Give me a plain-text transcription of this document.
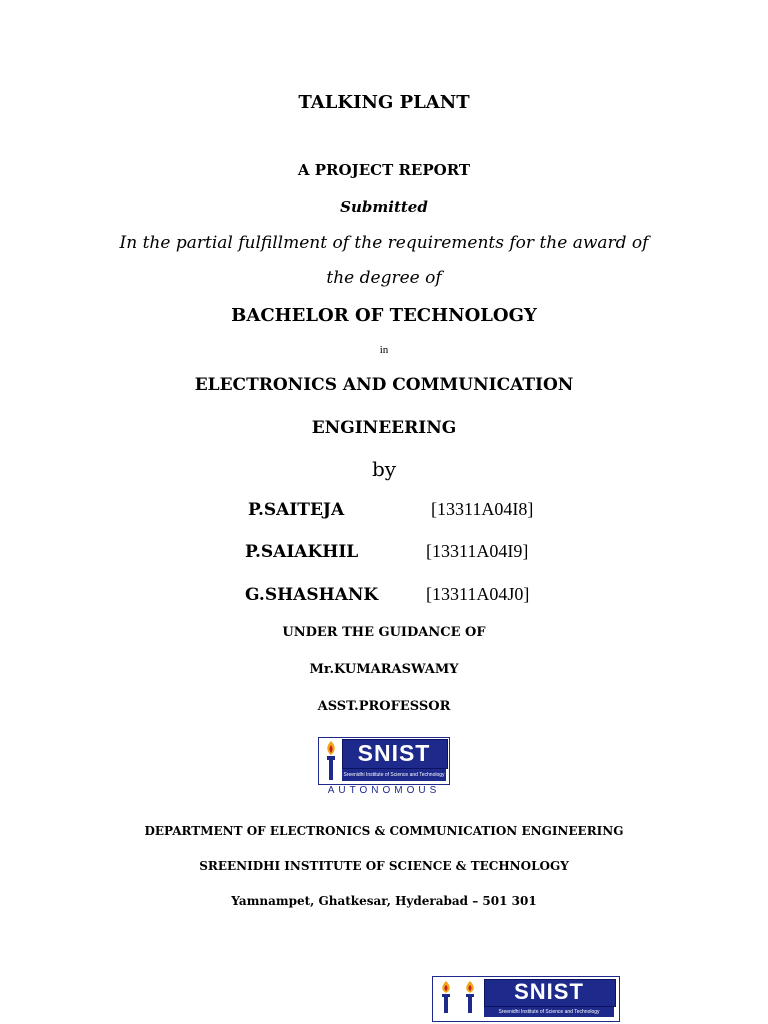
TALKING PLANT
A PROJECT REPORT
Submitted
In the partial fulfillment of the requirements for the award of
the degree of
BACHELOR OF TECHNOLOGY
in
ELECTRONICS AND COMMUNICATION
ENGINEERING
by
P.SAITEJA	[13311A04I8]
P.SAIAKHIL	[13311A04I9]
G.SHASHANK	[13311A04J0]
UNDER THE GUIDANCE OF
Mr.KUMARASWAMY
ASST.PROFESSOR
SNIST
Sreenidhi Institute of Science and Technology
AUTONOMOUS
DEPARTMENT OF ELECTRONICS & COMMUNICATION ENGINEERING
SREENIDHI INSTITUTE OF SCIENCE & TECHNOLOGY
Yamnampet, Ghatkesar, Hyderabad – 501 301
SNIST
Sreenidhi Institute of Science and Technology
